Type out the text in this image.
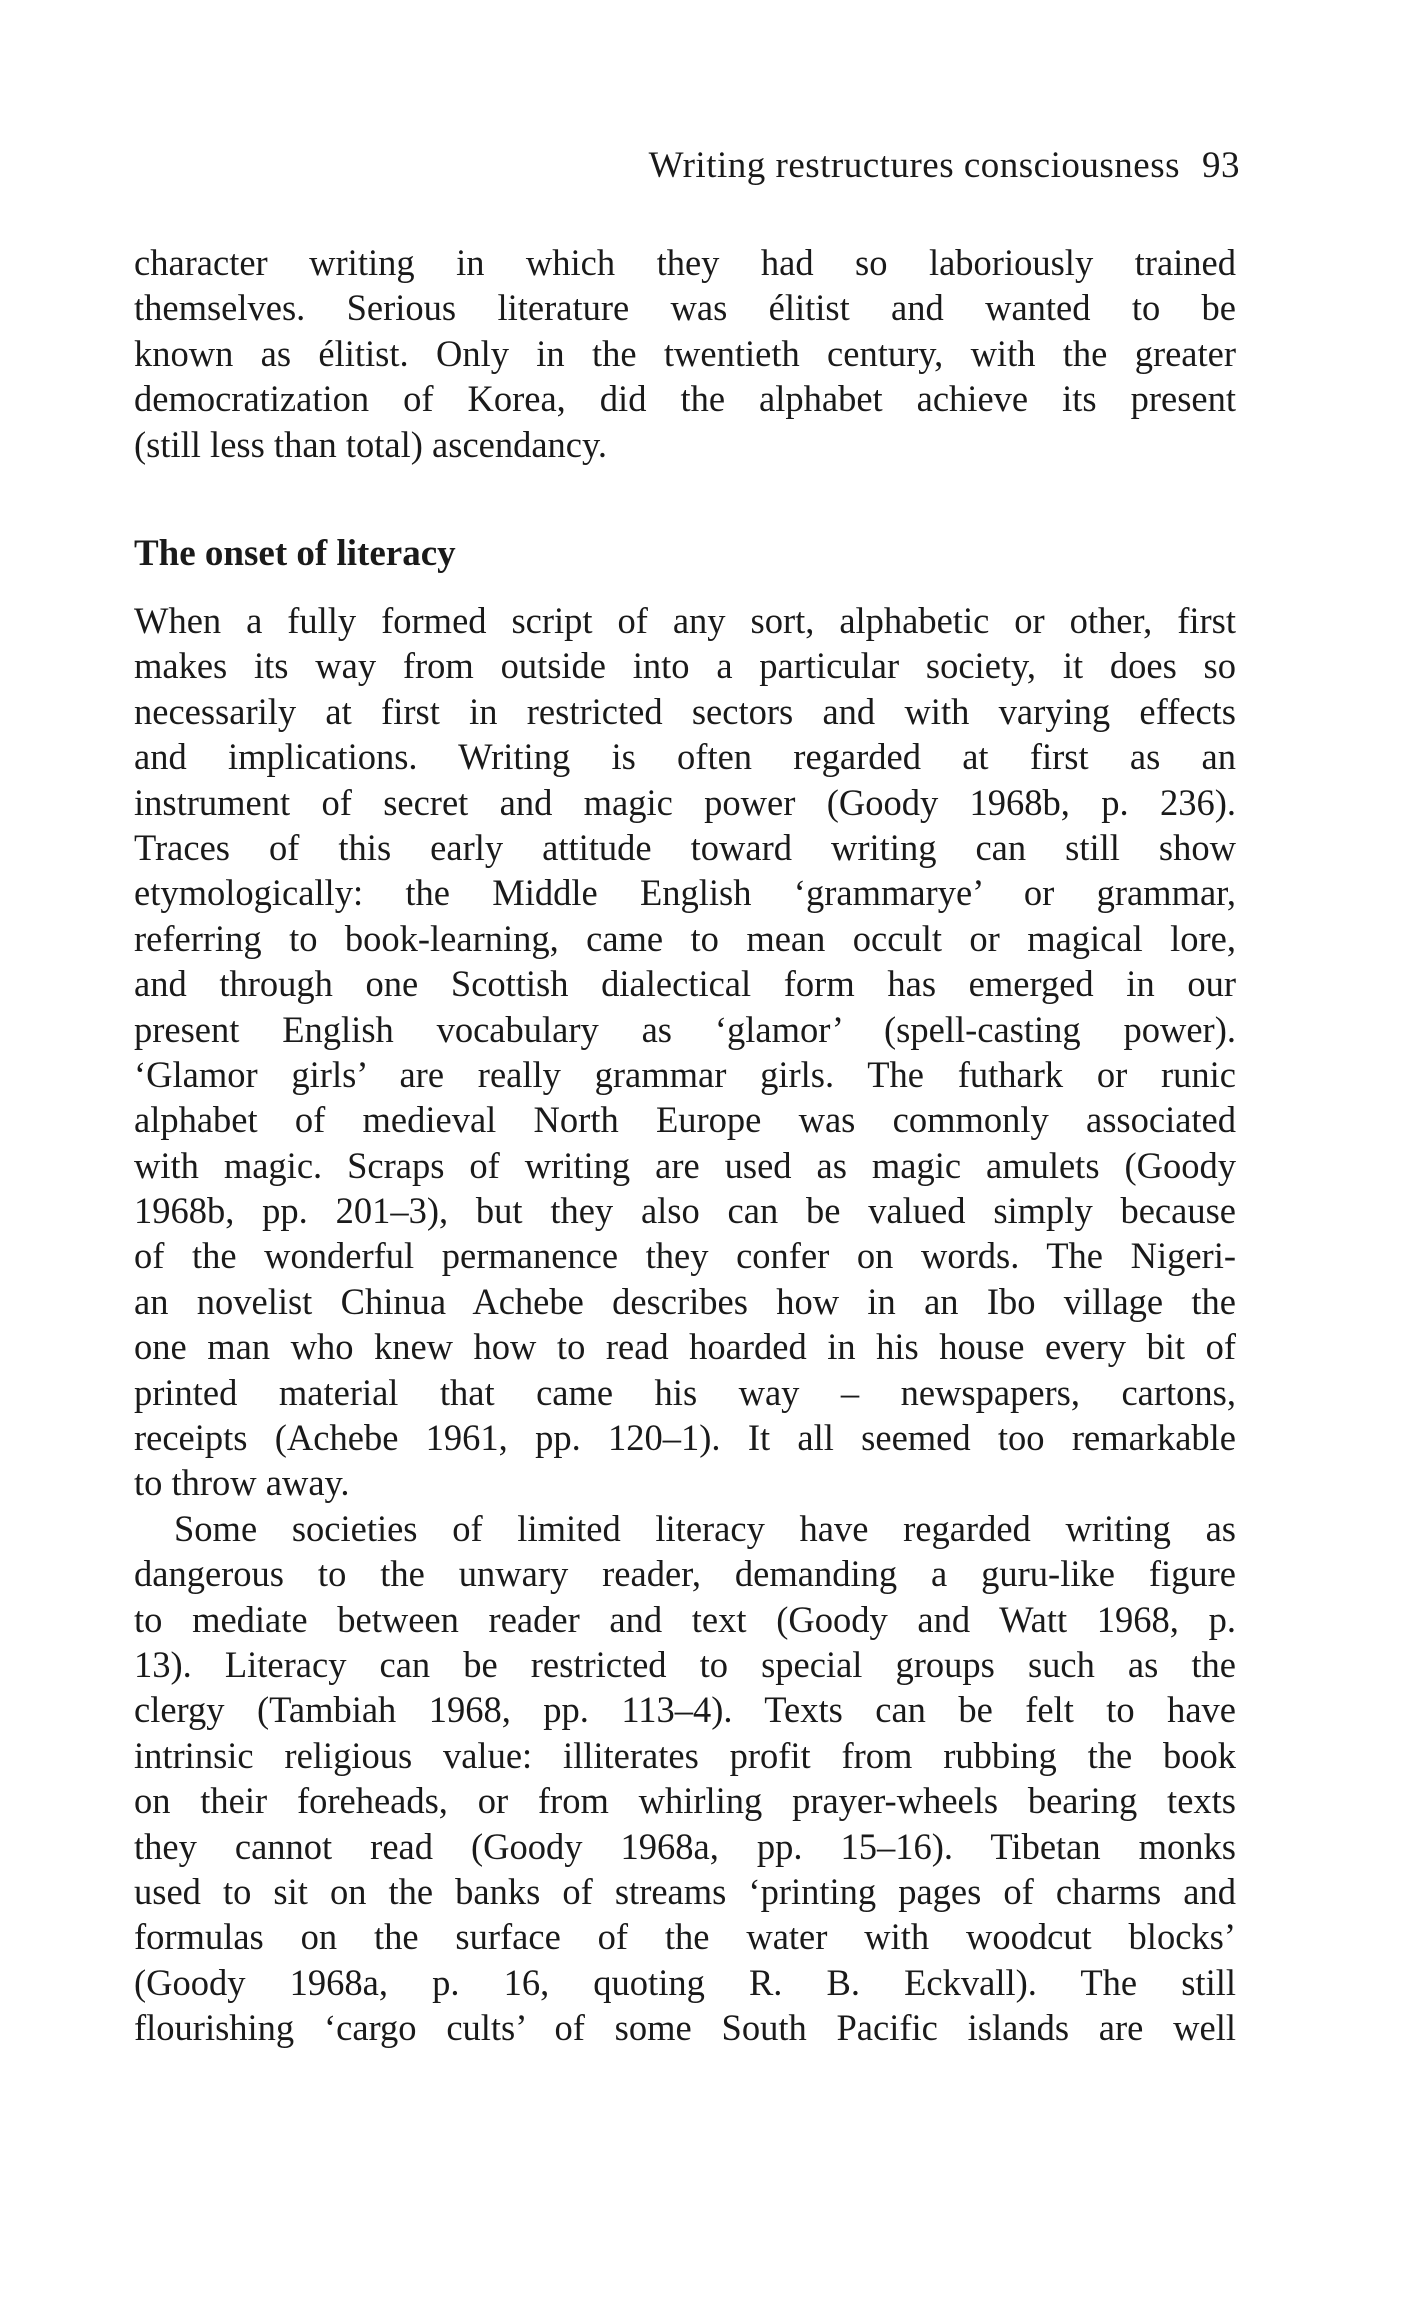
Writing restructures consciousness 93
character writing in which they had so laboriously trained
themselves. Serious literature was élitist and wanted to be
known as élitist. Only in the twentieth century, with the greater
democratization of Korea, did the alphabet achieve its present
(still less than total) ascendancy.
The onset of literacy
When a fully formed script of any sort, alphabetic or other, first
makes its way from outside into a particular society, it does so
necessarily at first in restricted sectors and with varying effects
and implications. Writing is often regarded at first as an
instrument of secret and magic power (Goody 1968b, p. 236).
Traces of this early attitude toward writing can still show
etymologically: the Middle English ‘grammarye’ or grammar,
referring to book-learning, came to mean occult or magical lore,
and through one Scottish dialectical form has emerged in our
present English vocabulary as ‘glamor’ (spell-casting power).
‘Glamor girls’ are really grammar girls. The futhark or runic
alphabet of medieval North Europe was commonly associated
with magic. Scraps of writing are used as magic amulets (Goody
1968b, pp. 201–3), but they also can be valued simply because
of the wonderful permanence they confer on words. The Nigeri-
an novelist Chinua Achebe describes how in an Ibo village the
one man who knew how to read hoarded in his house every bit of
printed material that came his way – newspapers, cartons,
receipts (Achebe 1961, pp. 120–1). It all seemed too remarkable
to throw away.
Some societies of limited literacy have regarded writing as
dangerous to the unwary reader, demanding a guru-like figure
to mediate between reader and text (Goody and Watt 1968, p.
13). Literacy can be restricted to special groups such as the
clergy (Tambiah 1968, pp. 113–4). Texts can be felt to have
intrinsic religious value: illiterates profit from rubbing the book
on their foreheads, or from whirling prayer-wheels bearing texts
they cannot read (Goody 1968a, pp. 15–16). Tibetan monks
used to sit on the banks of streams ‘printing pages of charms and
formulas on the surface of the water with woodcut blocks’
(Goody 1968a, p. 16, quoting R. B. Eckvall). The still
flourishing ‘cargo cults’ of some South Pacific islands are well
